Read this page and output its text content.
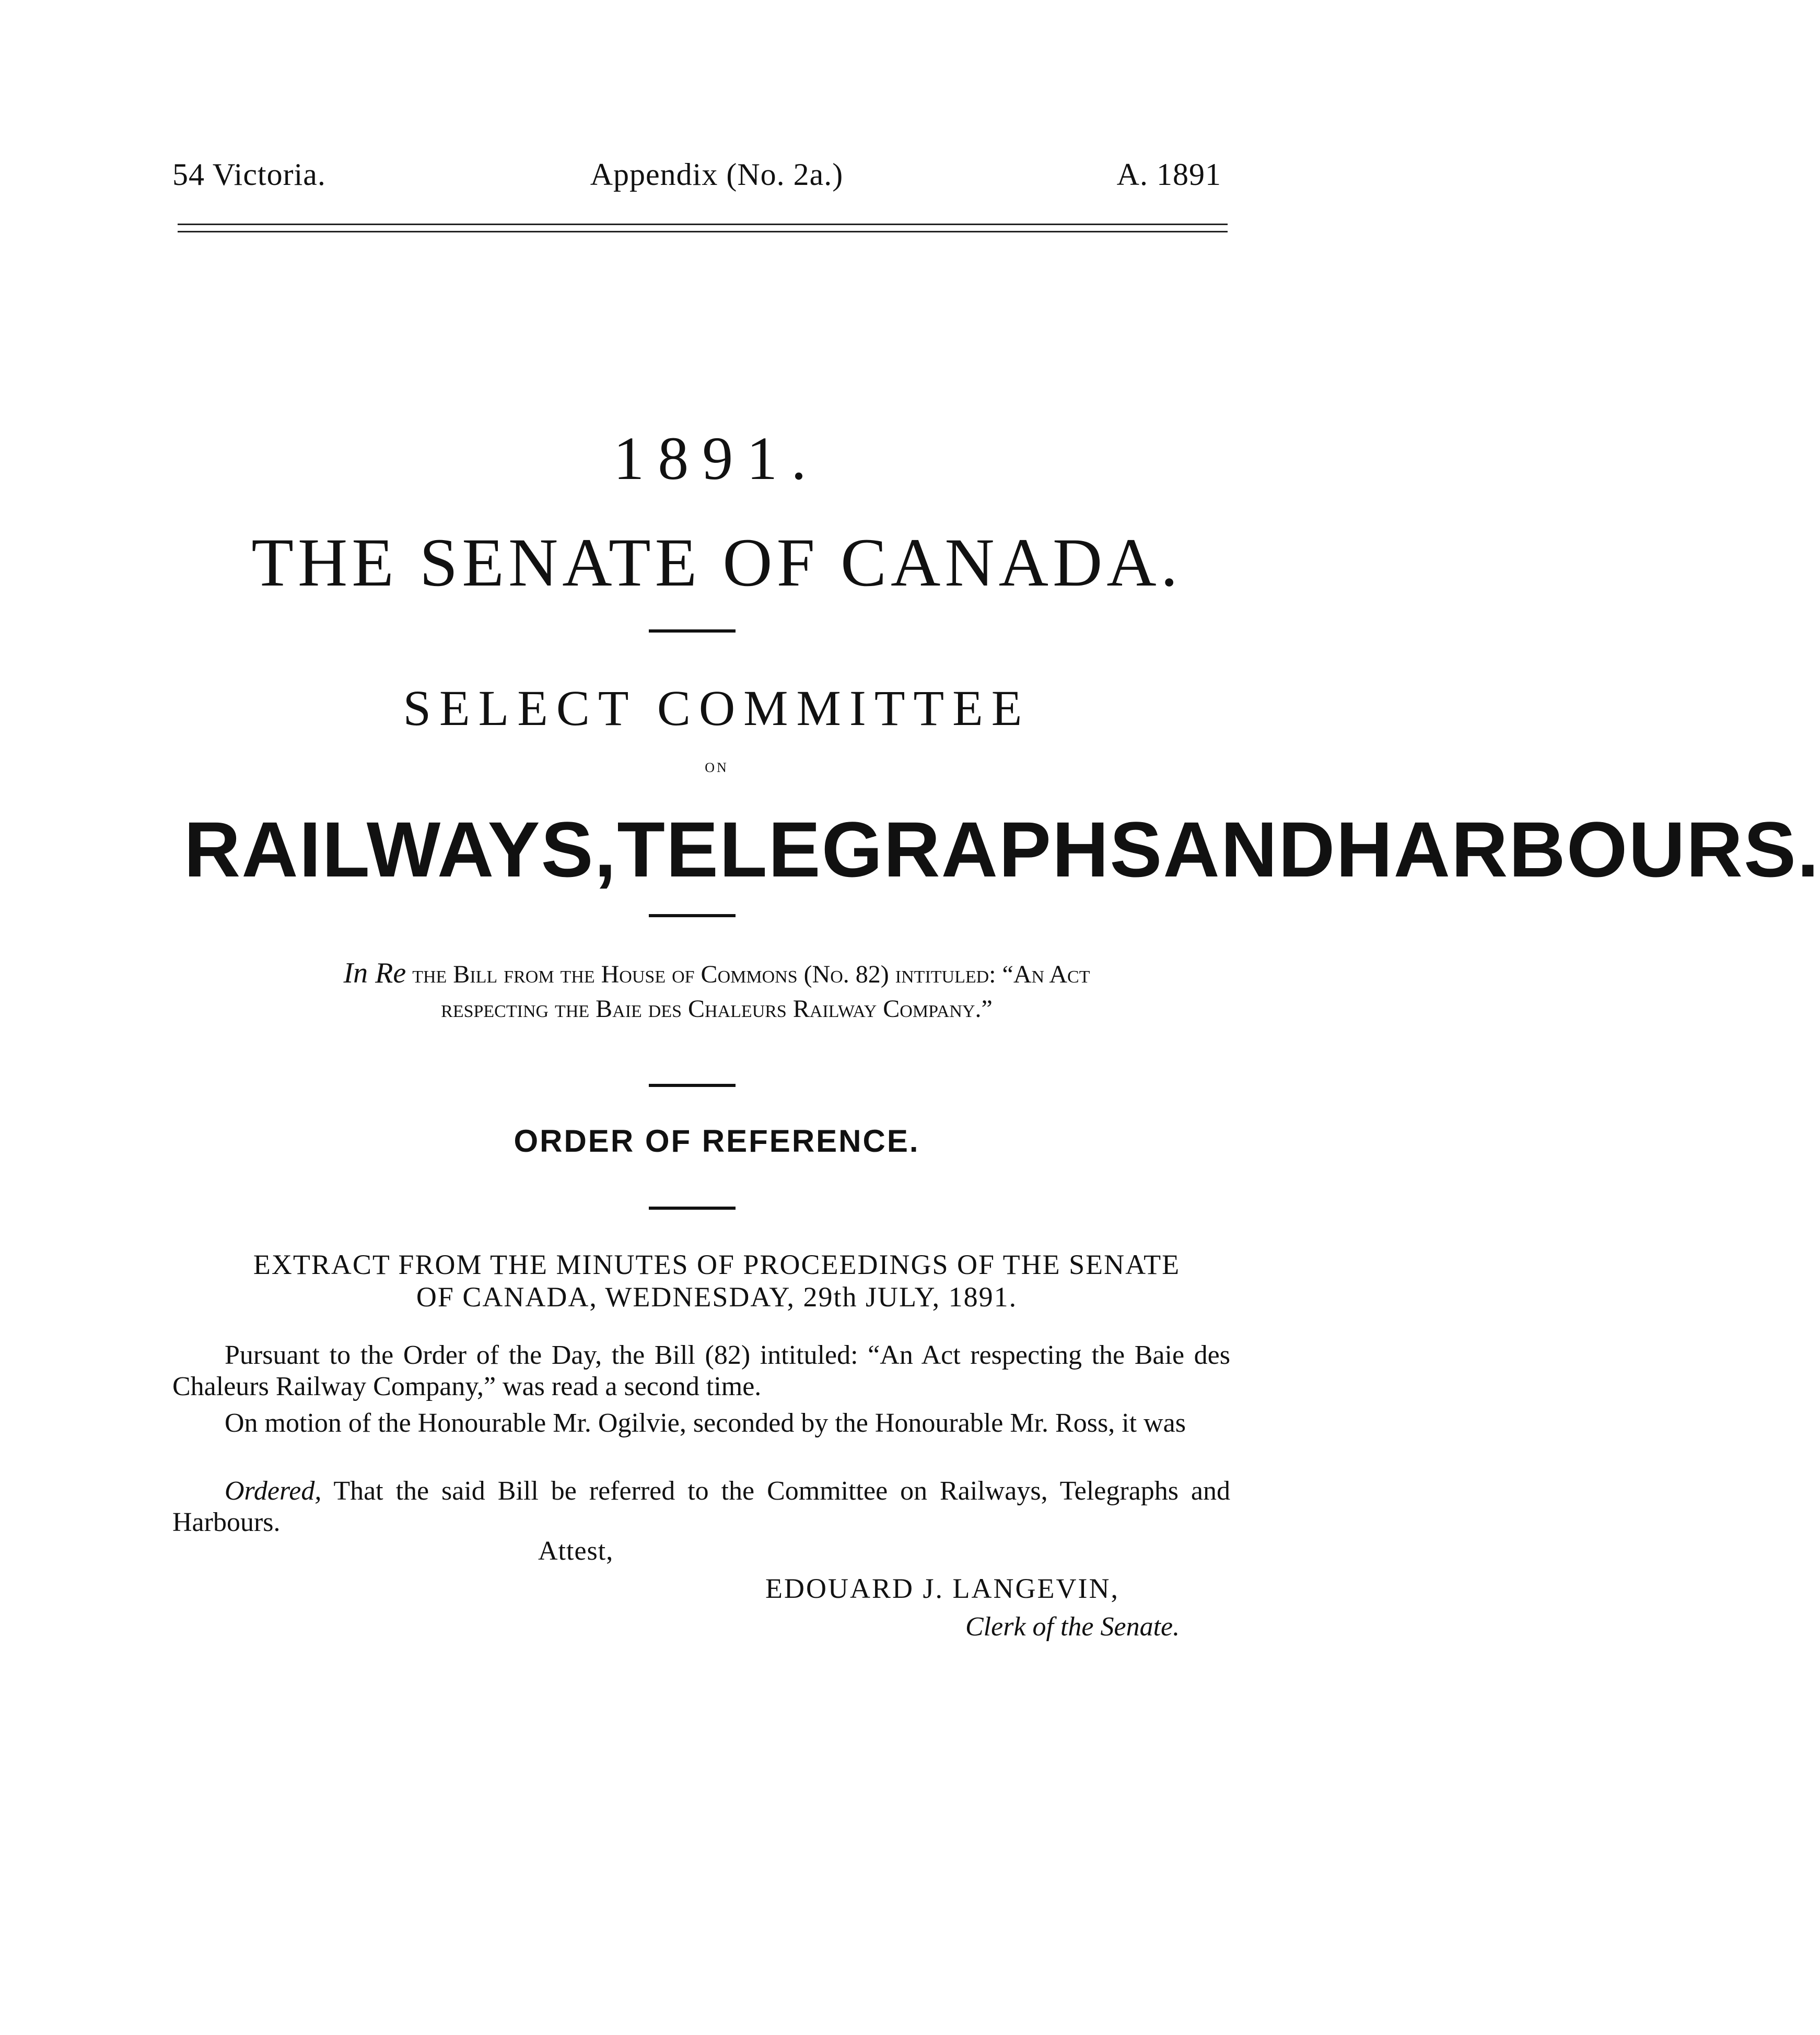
54 Victoria.	Appendix (No. 2a.)	A. 1891
1891.
THE SENATE OF CANADA.
SELECT COMMITTEE
ON
RAILWAYS, TELEGRAPHS AND HARBOURS.
In Re the Bill from the House of Commons (No. 82) intituled: “An Act
respecting the Baie des Chaleurs Railway Company.”
ORDER OF REFERENCE.
EXTRACT FROM THE MINUTES OF PROCEEDINGS OF THE SENATE
OF CANADA, WEDNESDAY, 29th JULY, 1891.

Pursuant to the Order of the Day, the Bill (82) intituled: “An Act respecting the Baie des Chaleurs Railway Company,” was read a second time.

On motion of the Honourable Mr. Ogilvie, seconded by the Honourable Mr. Ross, it was

Ordered, That the said Bill be referred to the Committee on Railways, Telegraphs and Harbours.

Attest,
EDOUARD J. LANGEVIN,
Clerk of the Senate.
